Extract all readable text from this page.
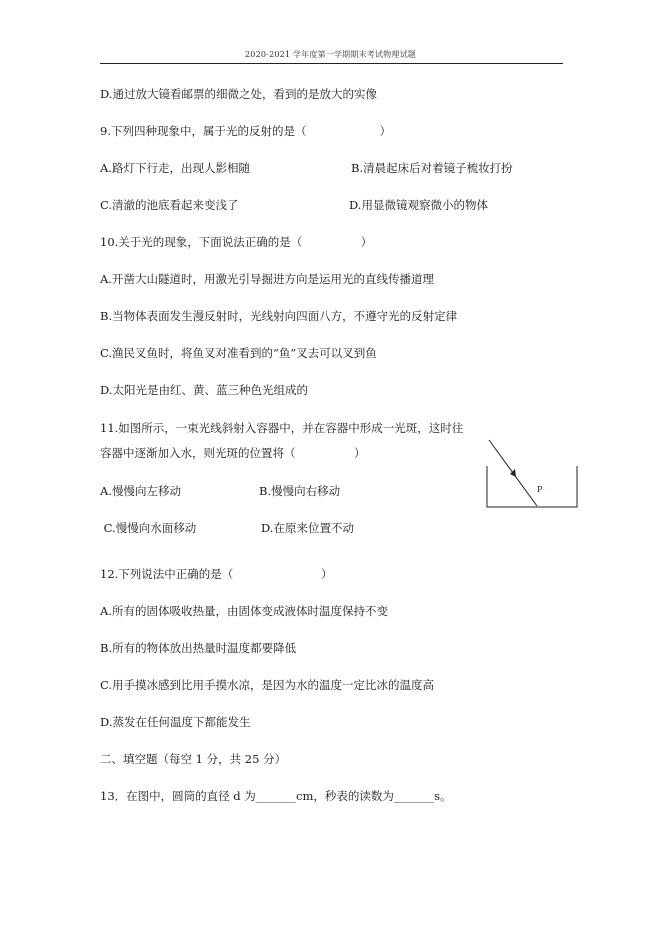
2020-2021 学年度第一学期期末考试物理试题
D.通过放大镜看邮票的细微之处，看到的是放大的实像
9.下列四种现象中，属于光的反射的是（                    ）
A.路灯下行走，出现人影相随	B.清晨起床后对着镜子梳妆打扮
C.清澈的池底看起来变浅了	D.用显微镜观察微小的物体
10.关于光的现象，下面说法正确的是（                ）
A.开凿大山隧道时，用激光引导掘进方向是运用光的直线传播道理
B.当物体表面发生漫反射时，光线射向四面八方，不遵守光的反射定律
C.渔民叉鱼时，将鱼叉对准看到的“鱼”叉去可以叉到鱼
D.太阳光是由红、黄、蓝三种色光组成的
11.如图所示，一束光线斜射入容器中，并在容器中形成一光斑，这时往
容器中逐渐加入水，则光斑的位置将（                ）
A.慢慢向左移动	B.慢慢向右移动
C.慢慢向水面移动	D.在原来位置不动
P · ·
12.下列说法中正确的是（                        ）
A.所有的固体吸收热量，由固体变成液体时温度保持不变
B.所有的物体放出热量时温度都要降低
C.用手摸冰感到比用手摸水凉，是因为水的温度一定比冰的温度高
D.蒸发在任何温度下都能发生
二、填空题（每空 1 分，共 25 分）
13．在图中，圆筒的直径 d 为_______cm，秒表的读数为_______s。
